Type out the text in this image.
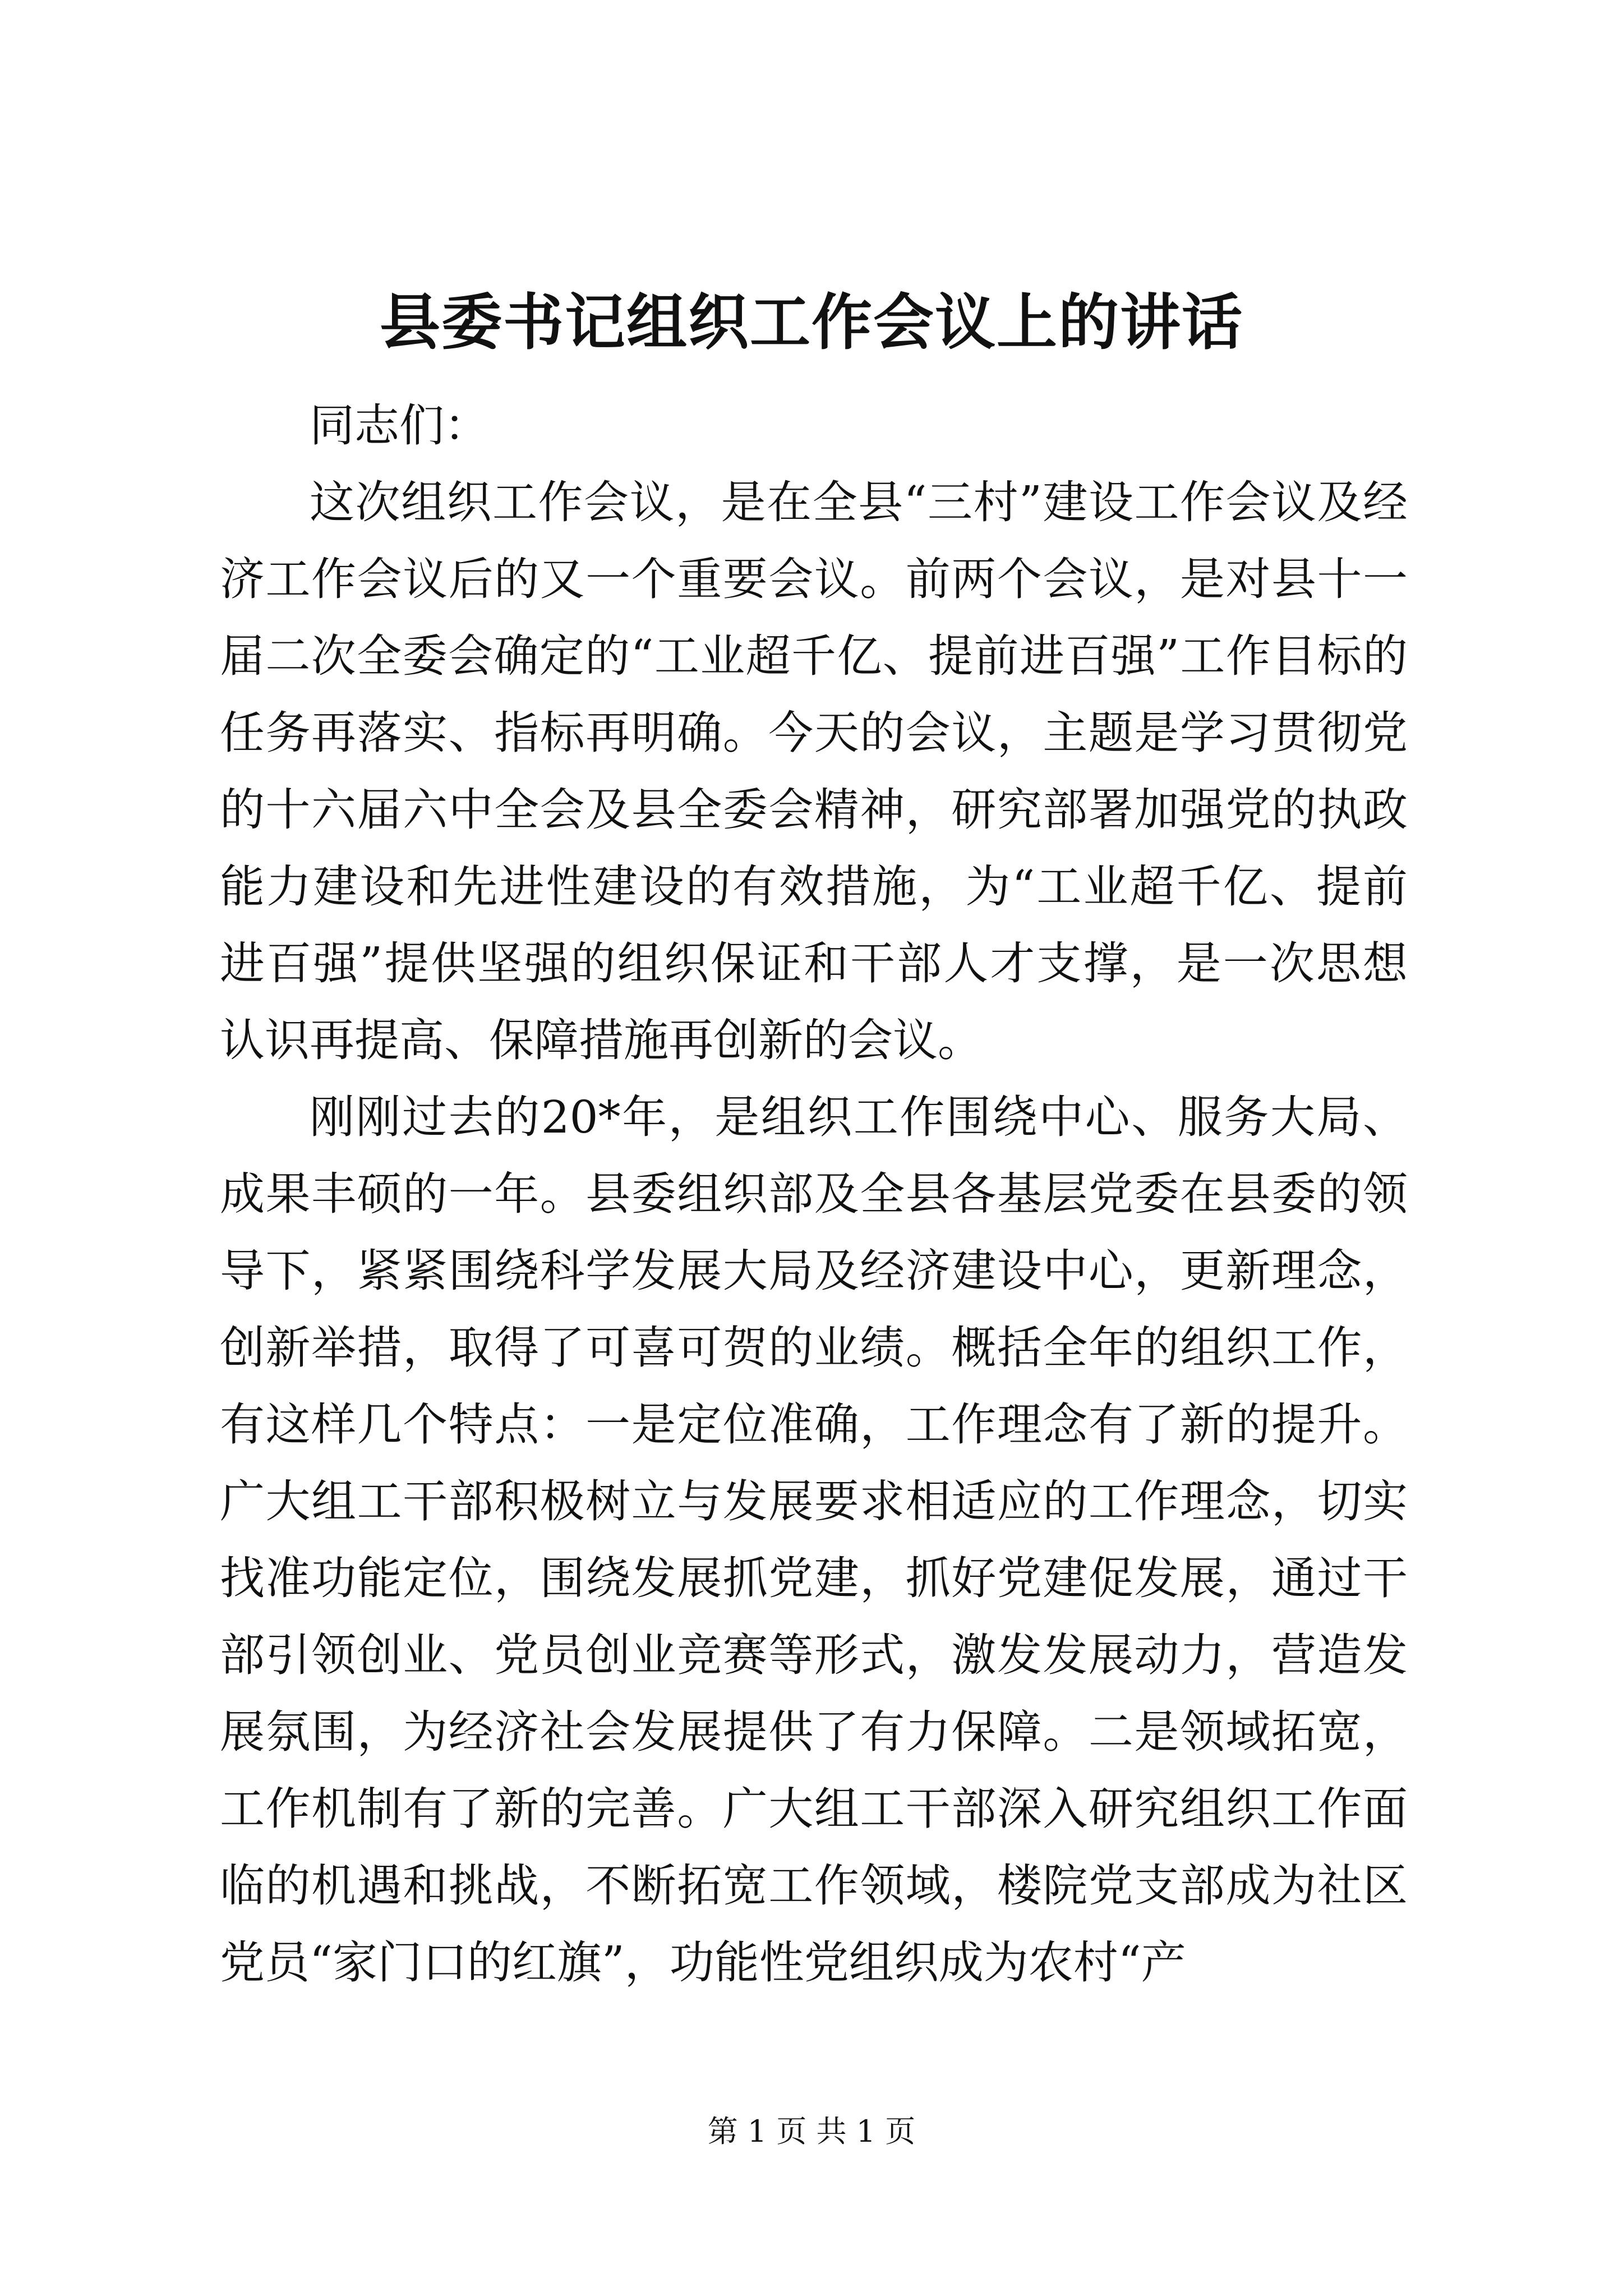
县委书记组织工作会议上的讲话

同志们：

这次组织工作会议，是在全县“三村”建设工作会议及经济工作会议后的又一个重要会议。前两个会议，是对县十一届二次全委会确定的“工业超千亿、提前进百强”工作目标的任务再落实、指标再明确。今天的会议，主题是学习贯彻党的十六届六中全会及县全委会精神，研究部署加强党的执政能力建设和先进性建设的有效措施，为“工业超千亿、提前进百强”提供坚强的组织保证和干部人才支撑，是一次思想认识再提高、保障措施再创新的会议。

刚刚过去的20*年，是组织工作围绕中心、服务大局、成果丰硕的一年。县委组织部及全县各基层党委在县委的领导下，紧紧围绕科学发展大局及经济建设中心，更新理念，创新举措，取得了可喜可贺的业绩。概括全年的组织工作，有这样几个特点：一是定位准确，工作理念有了新的提升。广大组工干部积极树立与发展要求相适应的工作理念，切实找准功能定位，围绕发展抓党建，抓好党建促发展，通过干部引领创业、党员创业竞赛等形式，激发发展动力，营造发展氛围，为经济社会发展提供了有力保障。二是领域拓宽，工作机制有了新的完善。广大组工干部深入研究组织工作面临的机遇和挑战，不断拓宽工作领域，楼院党支部成为社区党员“家门口的红旗”，功能性党组织成为农村“产

第 1 页 共 1 页
